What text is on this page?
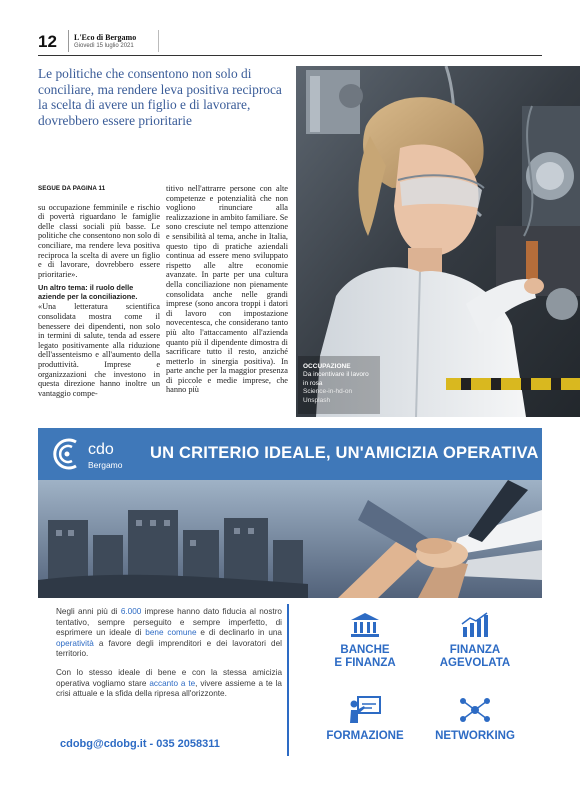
12 L'Eco di Bergamo
Giovedì 15 luglio 2021
Le politiche che consentono non solo di conciliare, ma rendere leva positiva reciproca la scelta di avere un figlio e di lavorare, dovrebbero essere prioritarie
OCCUPAZIONE
Da incentivare il lavoro in rosa
Science-in-hd-on Unsplash
SEGUE DA PAGINA 11
su occupazione femminile e rischio di povertà riguardano le famiglie delle classi sociali più basse. Le politiche che consentono non solo di conciliare, ma rendere leva positiva reciproca la scelta di avere un figlio e di lavorare, dovrebbero essere prioritarie».
Un altro tema: il ruolo delle aziende per la conciliazione.
«Una letteratura scientifica consolidata mostra come il benessere dei dipendenti, non solo in termini di salute, tenda ad essere legato positivamente alla riduzione dell'assenteismo e all'aumento della produttività. Imprese e organizzazioni che investono in questa direzione hanno inoltre un vantaggio compe-
titivo nell'attrarre persone con alte competenze e potenzialità che non vogliono rinunciare alla realizzazione in ambito familiare. Se sono cresciute nel tempo attenzione e sensibilità al tema, anche in Italia, questo tipo di pratiche aziendali continua ad essere meno sviluppato rispetto alle altre economie avanzate. In parte per una cultura della conciliazione non pienamente consolidata anche nelle grandi imprese (sono ancora troppi i datori di lavoro con impostazione novecentesca, che considerano tanto più alto l'attaccamento all'azienda quanto più il dipendente dimostra di sacrificare tutto il resto, anziché metterlo in sinergia positiva). In parte anche per la maggior presenza di piccole e medie imprese, che hanno più
cdo
Bergamo
UN CRITERIO IDEALE, UN'AMICIZIA OPERATIVA

Negli anni più di 6.000 imprese hanno dato fiducia al nostro tentativo, sempre perseguito e sempre imperfetto, di esprimere un ideale di bene comune e di declinarlo in una operatività a favore degli imprenditori e dei lavoratori del territorio.

Con lo stesso ideale di bene e con la stessa amicizia operativa vogliamo stare accanto a te, vivere assieme a te la crisi attuale e la sfida della ripresa all'orizzonte.

cdobg@cdobg.it - 035 2058311
BANCHE
E FINANZA
FINANZA
AGEVOLATA
FORMAZIONE	NETWORKING
